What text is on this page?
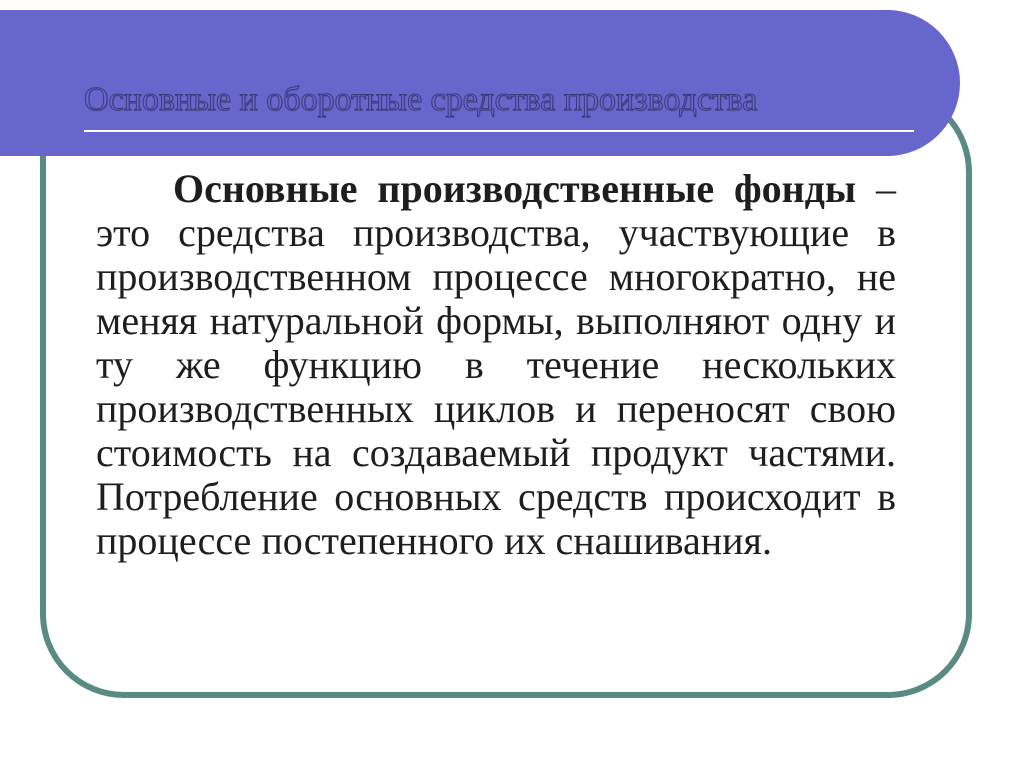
Основные и оборотные средства производства

Основные производственные фонды – это средства производства, участвующие в производственном процессе многократно, не меняя натуральной формы, выполняют одну и ту же функцию в течение нескольких производственных циклов и переносят свою стоимость на создаваемый продукт частями. Потребление основных средств происходит в процессе постепенного их снашивания.
